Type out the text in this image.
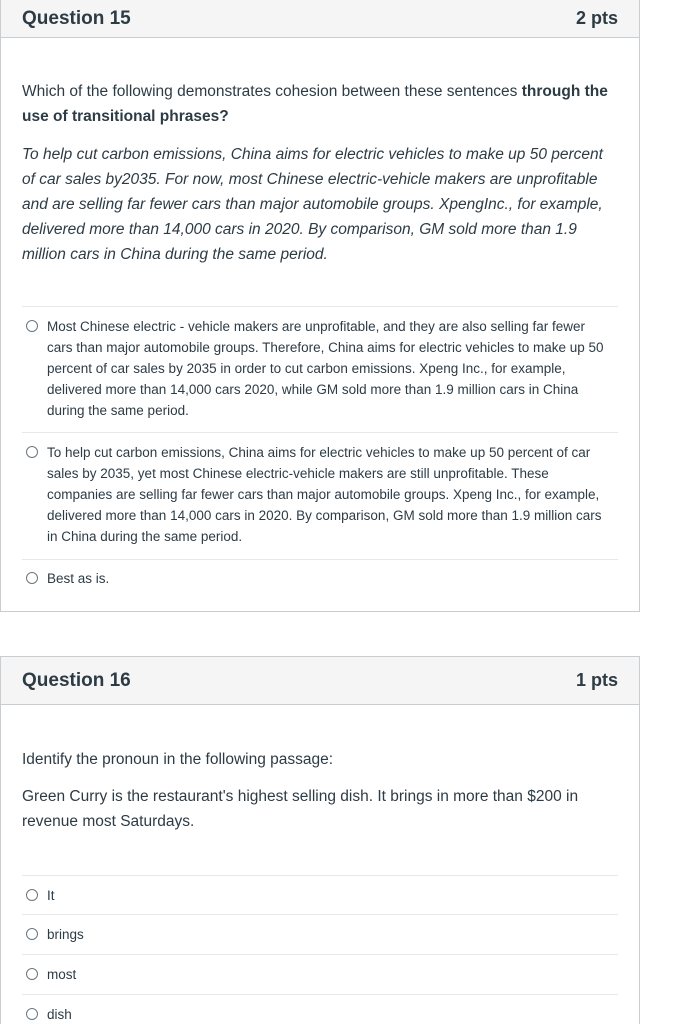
Question 15	2 pts

Which of the following demonstrates cohesion between these sentences through the use of transitional phrases?

To help cut carbon emissions, China aims for electric vehicles to make up 50 percent of car sales by2035. For now, most Chinese electric-vehicle makers are unprofitable and are selling far fewer cars than major automobile groups. XpengInc., for example, delivered more than 14,000 cars in 2020. By comparison, GM sold more than 1.9 million cars in China during the same period.

Most Chinese electric - vehicle makers are unprofitable, and they are also selling far fewer cars than major automobile groups. Therefore, China aims for electric vehicles to make up 50 percent of car sales by 2035 in order to cut carbon emissions. Xpeng Inc., for example, delivered more than 14,000 cars 2020, while GM sold more than 1.9 million cars in China during the same period.
To help cut carbon emissions, China aims for electric vehicles to make up 50 percent of car sales by 2035, yet most Chinese electric-vehicle makers are still unprofitable. These companies are selling far fewer cars than major automobile groups. Xpeng Inc., for example, delivered more than 14,000 cars in 2020. By comparison, GM sold more than 1.9 million cars in China during the same period.
Best as is.
Question 16	1 pts

Identify the pronoun in the following passage:

Green Curry is the restaurant's highest selling dish. It brings in more than $200 in revenue most Saturdays.

It
brings
most
dish
